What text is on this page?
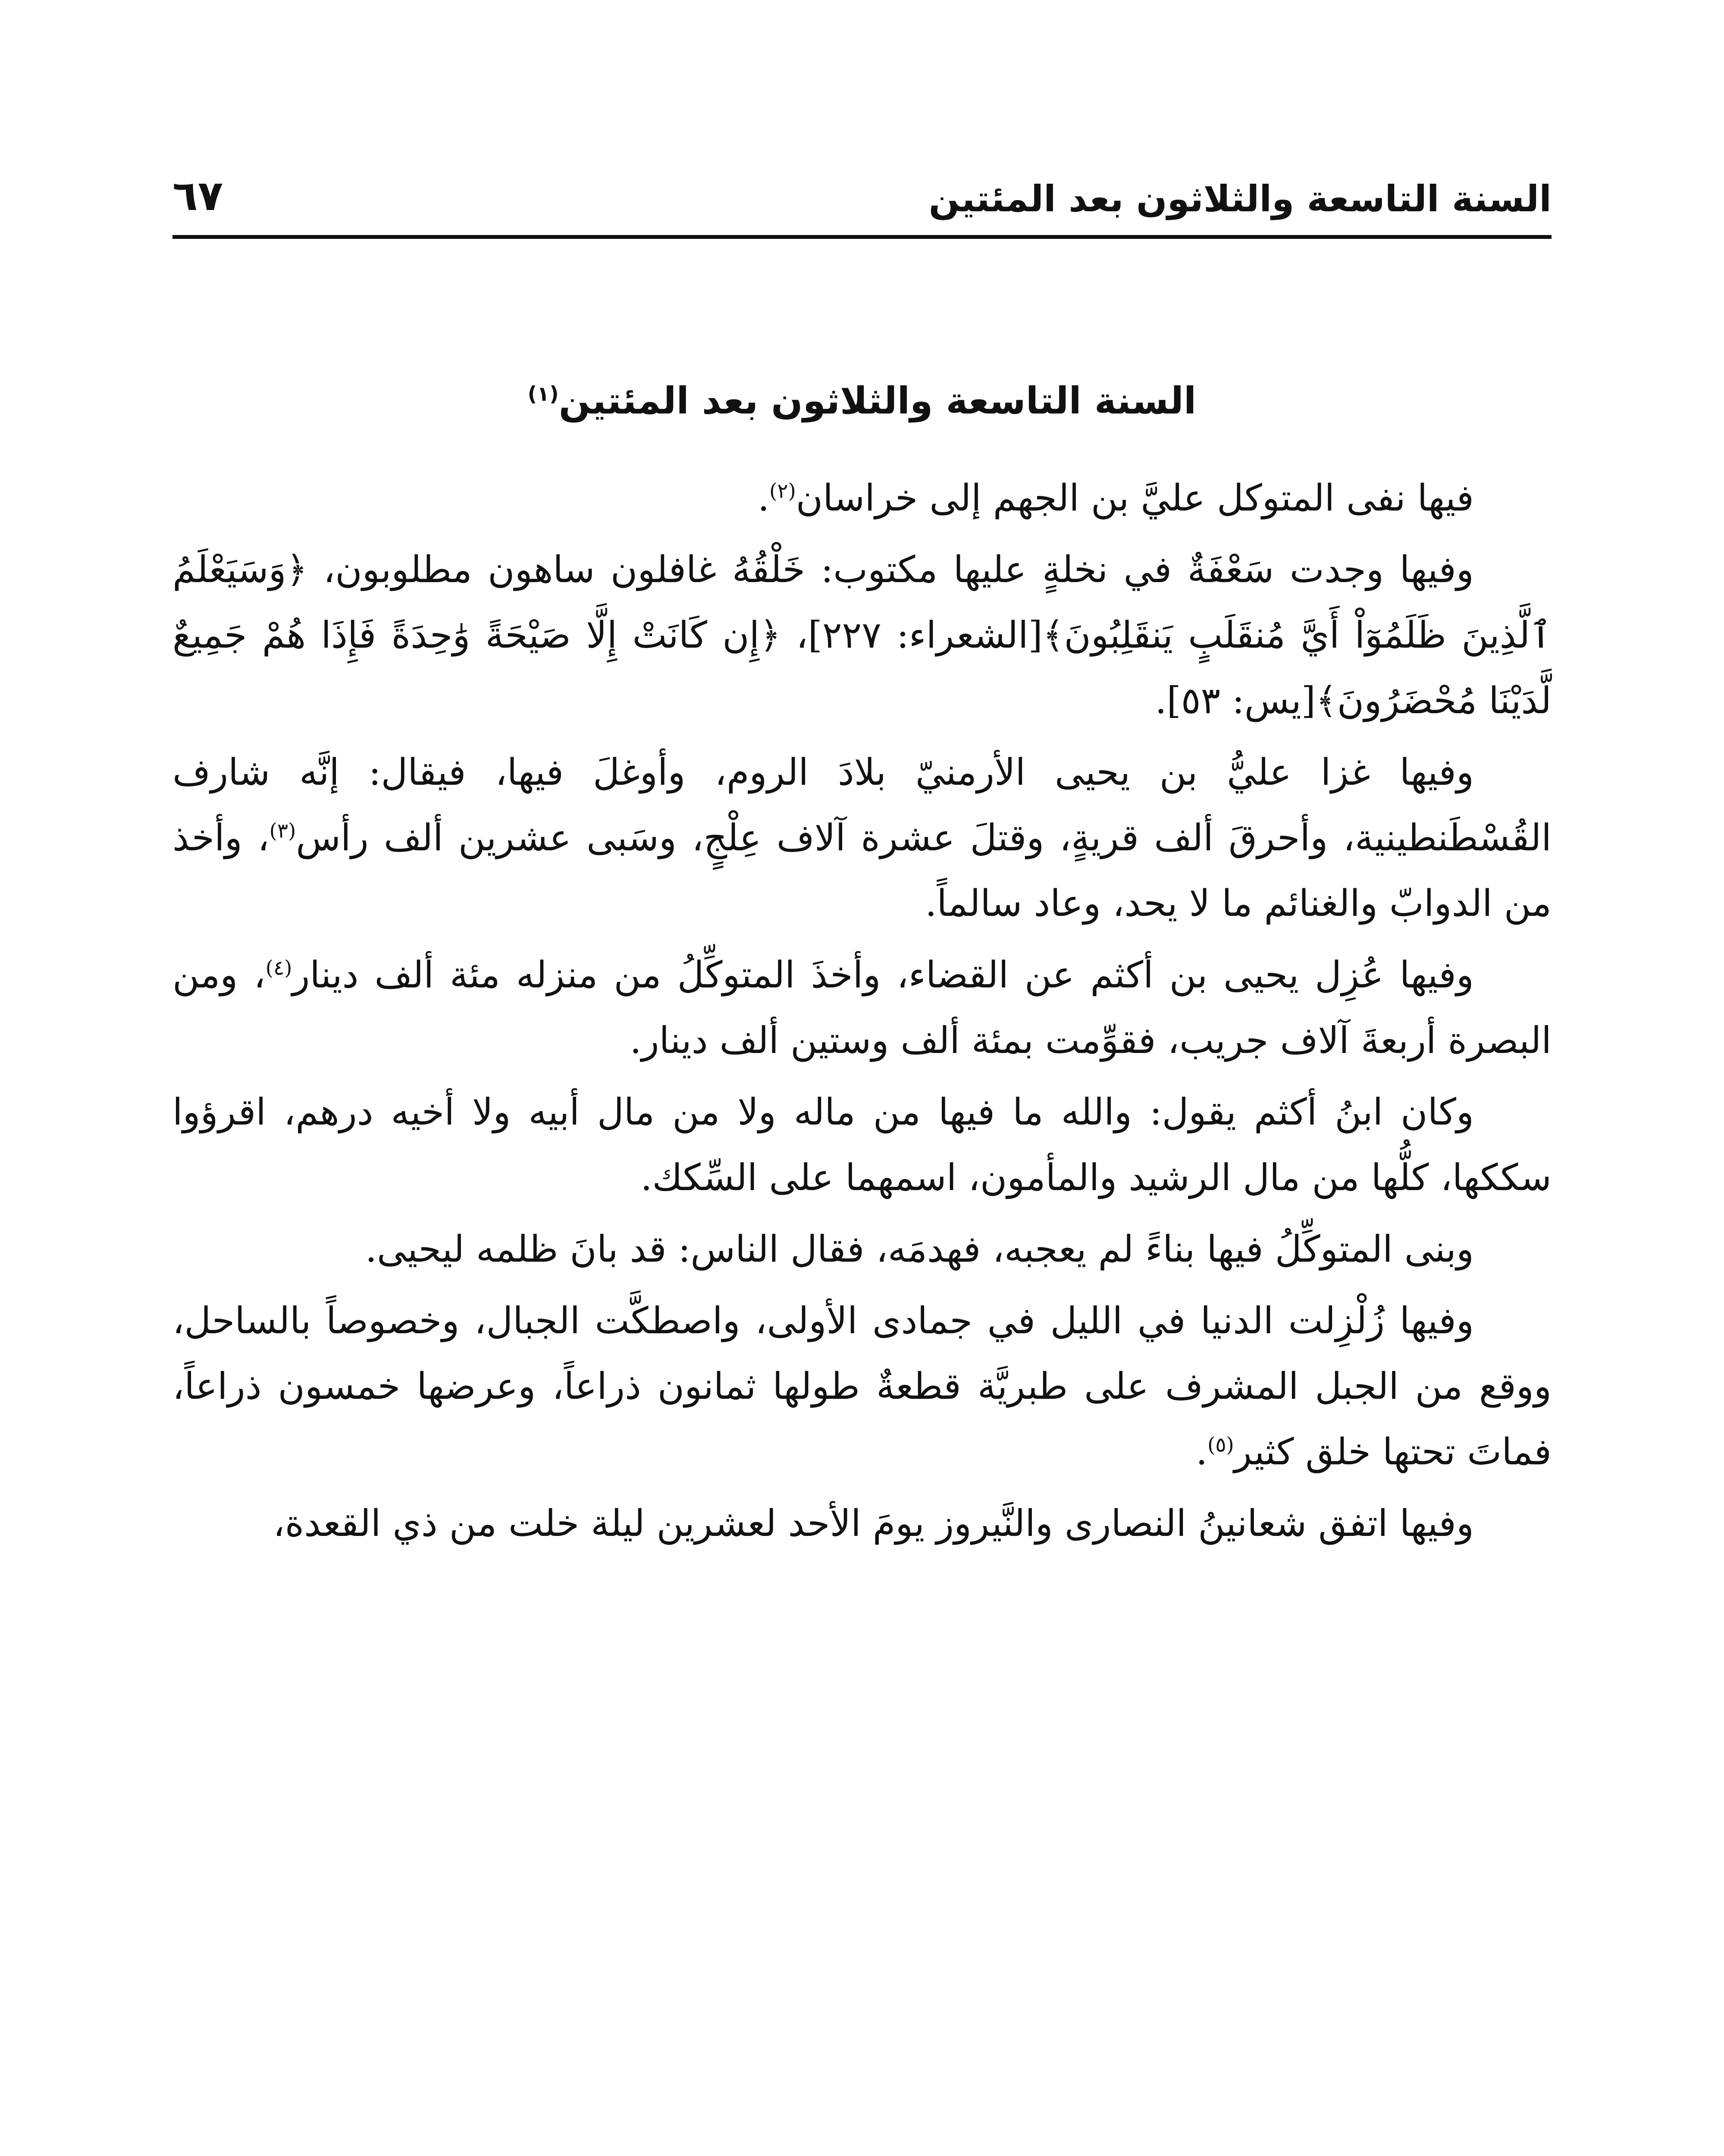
السنة التاسعة والثلاثون بعد المئتين
٦٧
السنة التاسعة والثلاثون بعد المئتين$^{(١)}$

فيها نفى المتوكل عليَّ بن الجهم إلى خراسان$^{(٢)}$.

وفيها وجدت سَعْفَةٌ في نخلةٍ عليها مكتوب: خَلْقُهُ غافلون ساهون مطلوبون، ﴿وَسَيَعْلَمُ ٱلَّذِينَ ظَلَمُوٓاْ أَيَّ مُنقَلَبٍ يَنقَلِبُونَ﴾[الشعراء: ٢٢٧]، ﴿إِن كَانَتْ إِلَّا صَيْحَةً وَٰحِدَةً فَإِذَا هُمْ جَمِيعٌ لَّدَيْنَا مُحْضَرُونَ﴾[يس: ٥٣].

وفيها غزا عليُّ بن يحيى الأرمنيّ بلادَ الروم، وأوغلَ فيها، فيقال: إنَّه شارف القُسْطَنطينية، وأحرقَ ألف قريةٍ، وقتلَ عشرة آلاف عِلْجٍ، وسَبى عشرين ألف رأس$^{(٣)}$، وأخذ من الدوابّ والغنائم ما لا يحد، وعاد سالماً.

وفيها عُزِل يحيى بن أكثم عن القضاء، وأخذَ المتوكِّلُ من منزله مئة ألف دينار$^{(٤)}$، ومن البصرة أربعةَ آلاف جريب، فقوِّمت بمئة ألف وستين ألف دينار.

وكان ابنُ أكثم يقول: والله ما فيها من ماله ولا من مال أبيه ولا أخيه درهم، اقرؤوا سككها، كلُّها من مال الرشيد والمأمون، اسمهما على السِّكك.

وبنى المتوكِّلُ فيها بناءً لم يعجبه، فهدمَه، فقال الناس: قد بانَ ظلمه ليحيى.

وفيها زُلْزِلت الدنيا في الليل في جمادى الأولى، واصطكَّت الجبال، وخصوصاً بالساحل، ووقع من الجبل المشرف على طبريَّة قطعةٌ طولها ثمانون ذراعاً، وعرضها خمسون ذراعاً، فماتَ تحتها خلق كثير$^{(٥)}$.

وفيها اتفق شعانينُ النصارى والنَّيروز يومَ الأحد لعشرين ليلة خلت من ذي القعدة،
